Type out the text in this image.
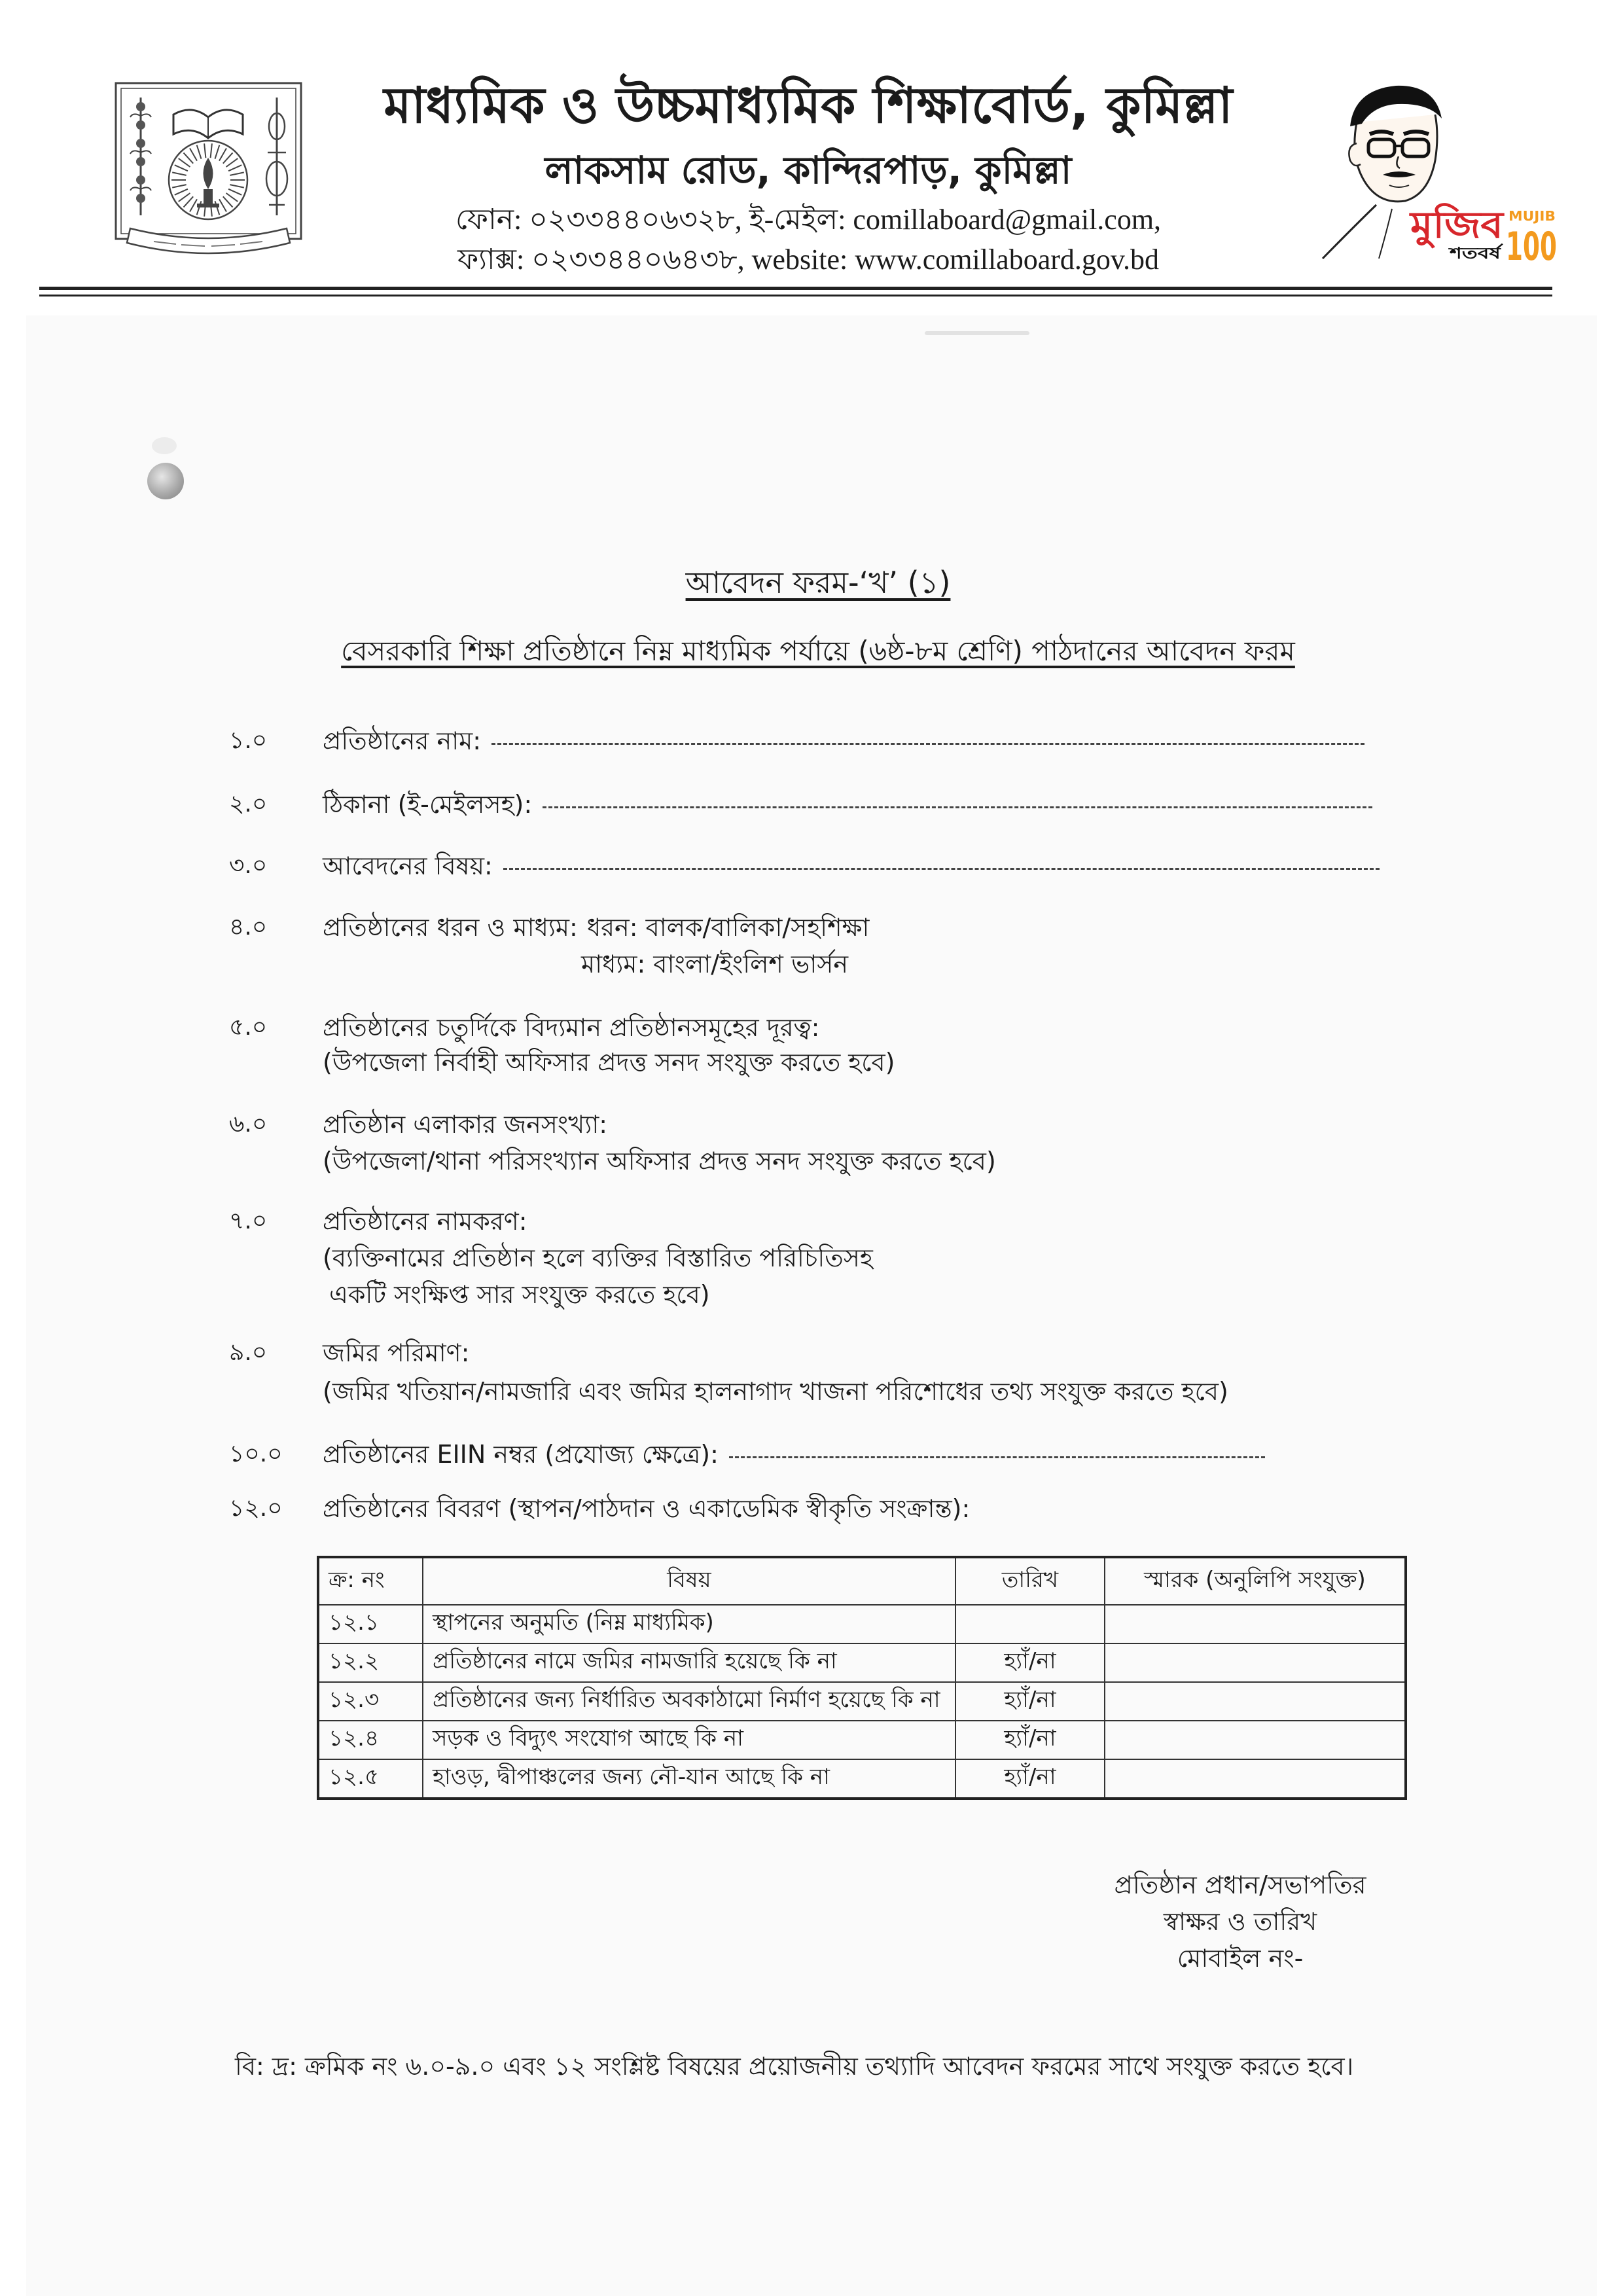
মাধ্যমিক ও উচ্চমাধ্যমিক শিক্ষাবোর্ড, কুমিল্লা
লাকসাম রোড, কান্দিরপাড়, কুমিল্লা
ফোন: ০২৩৩৪৪০৬৩২৮, ই-মেইল: comillaboard@gmail.com,
ফ্যাক্স: ০২৩৩৪৪০৬৪৩৮, website: www.comillaboard.gov.bd
মুজিব
শতবর্ষ
MUJIB
100
আবেদন ফরম-‘খ’ (১)
বেসরকারি শিক্ষা প্রতিষ্ঠানে নিম্ন মাধ্যমিক পর্যায়ে (৬ষ্ঠ-৮ম শ্রেণি) পাঠদানের আবেদন ফরম
১.০ প্রতিষ্ঠানের নাম:
২.০ ঠিকানা (ই-মেইলসহ):
৩.০ আবেদনের বিষয়:
৪.০ প্রতিষ্ঠানের ধরন ও মাধ্যম: ধরন: বালক/বালিকা/সহশিক্ষা
মাধ্যম: বাংলা/ইংলিশ ভার্সন
৫.০ প্রতিষ্ঠানের চতুর্দিকে বিদ্যমান প্রতিষ্ঠানসমূহের দূরত্ব:
(উপজেলা নির্বাহী অফিসার প্রদত্ত সনদ সংযুক্ত করতে হবে)
৬.০ প্রতিষ্ঠান এলাকার জনসংখ্যা:
(উপজেলা/থানা পরিসংখ্যান অফিসার প্রদত্ত সনদ সংযুক্ত করতে হবে)
৭.০ প্রতিষ্ঠানের নামকরণ:
(ব্যক্তিনামের প্রতিষ্ঠান হলে ব্যক্তির বিস্তারিত পরিচিতিসহ
একটি সংক্ষিপ্ত সার সংযুক্ত করতে হবে)
৯.০ জমির পরিমাণ:
(জমির খতিয়ান/নামজারি এবং জমির হালনাগাদ খাজনা পরিশোধের তথ্য সংযুক্ত করতে হবে)
১০.০ প্রতিষ্ঠানের EIIN নম্বর (প্রযোজ্য ক্ষেত্রে):
১২.০ প্রতিষ্ঠানের বিবরণ (স্থাপন/পাঠদান ও একাডেমিক স্বীকৃতি সংক্রান্ত):
ক্র: নং	বিষয়	তারিখ	স্মারক (অনুলিপি সংযুক্ত)
১২.১	স্থাপনের অনুমতি (নিম্ন মাধ্যমিক)		
১২.২	প্রতিষ্ঠানের নামে জমির নামজারি হয়েছে কি না	হ্যাঁ/না	
১২.৩	প্রতিষ্ঠানের জন্য নির্ধারিত অবকাঠামো নির্মাণ হয়েছে কি না	হ্যাঁ/না	
১২.৪	সড়ক ও বিদ্যুৎ সংযোগ আছে কি না	হ্যাঁ/না	
১২.৫	হাওড়, দ্বীপাঞ্চলের জন্য নৌ-যান আছে কি না	হ্যাঁ/না	
প্রতিষ্ঠান প্রধান/সভাপতির
স্বাক্ষর ও তারিখ
মোবাইল নং-
বি: দ্র: ক্রমিক নং ৬.০-৯.০ এবং ১২ সংশ্লিষ্ট বিষয়ের প্রয়োজনীয় তথ্যাদি আবেদন ফরমের সাথে সংযুক্ত করতে হবে।
